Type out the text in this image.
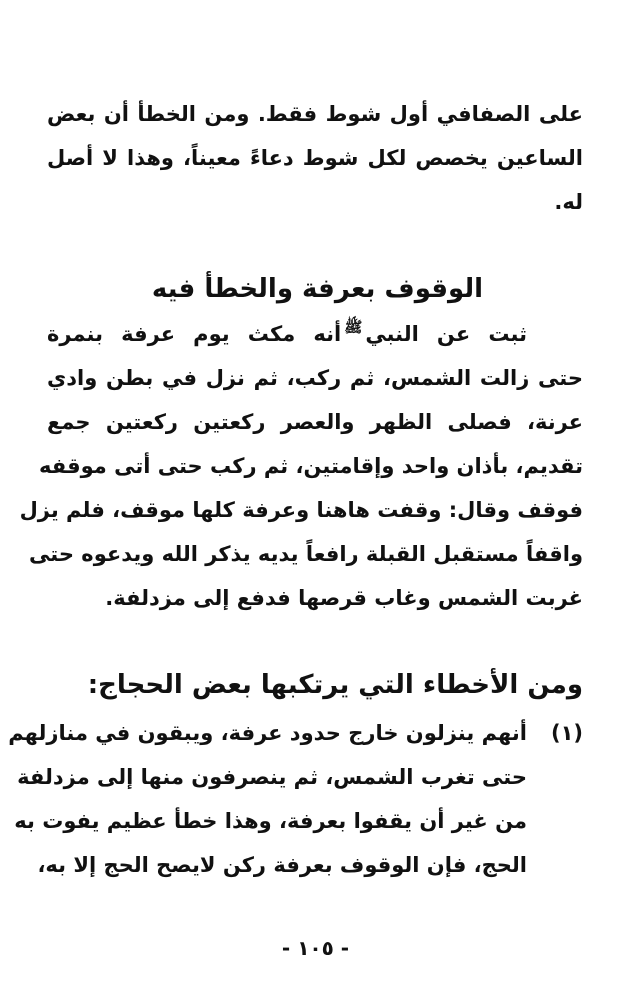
على الصفافي أول شوط فقط. ومن الخطأ أن بعض
الساعين يخصص لكل شوط دعاءً معيناً، وهذا لا أصل
له.
الوقوف بعرفة والخطأ فيه
ثبت عن النبيﷺأنه مكث يوم عرفة بنمرة
حتى زالت الشمس، ثم ركب، ثم نزل في بطن وادي
عرنة، فصلى الظهر والعصر ركعتين ركعتين جمع
تقديم، بأذان واحد وإقامتين، ثم ركب حتى أتى موقفه
فوقف وقال: وقفت هاهنا وعرفة كلها موقف، فلم يزل
واقفاً مستقبل القبلة رافعاً يديه يذكر الله ويدعوه حتى
غربت الشمس وغاب قرصها فدفع إلى مزدلفة.
ومن الأخطاء التي يرتكبها بعض الحجاج:
(١)
أنهم ينزلون خارج حدود عرفة، ويبقون في منازلهم
حتى تغرب الشمس، ثم ينصرفون منها إلى مزدلفة
من غير أن يقفوا بعرفة، وهذا خطأ عظيم يفوت به
الحج، فإن الوقوف بعرفة ركن لايصح الحج إلا به،
- ١٠٥ -
